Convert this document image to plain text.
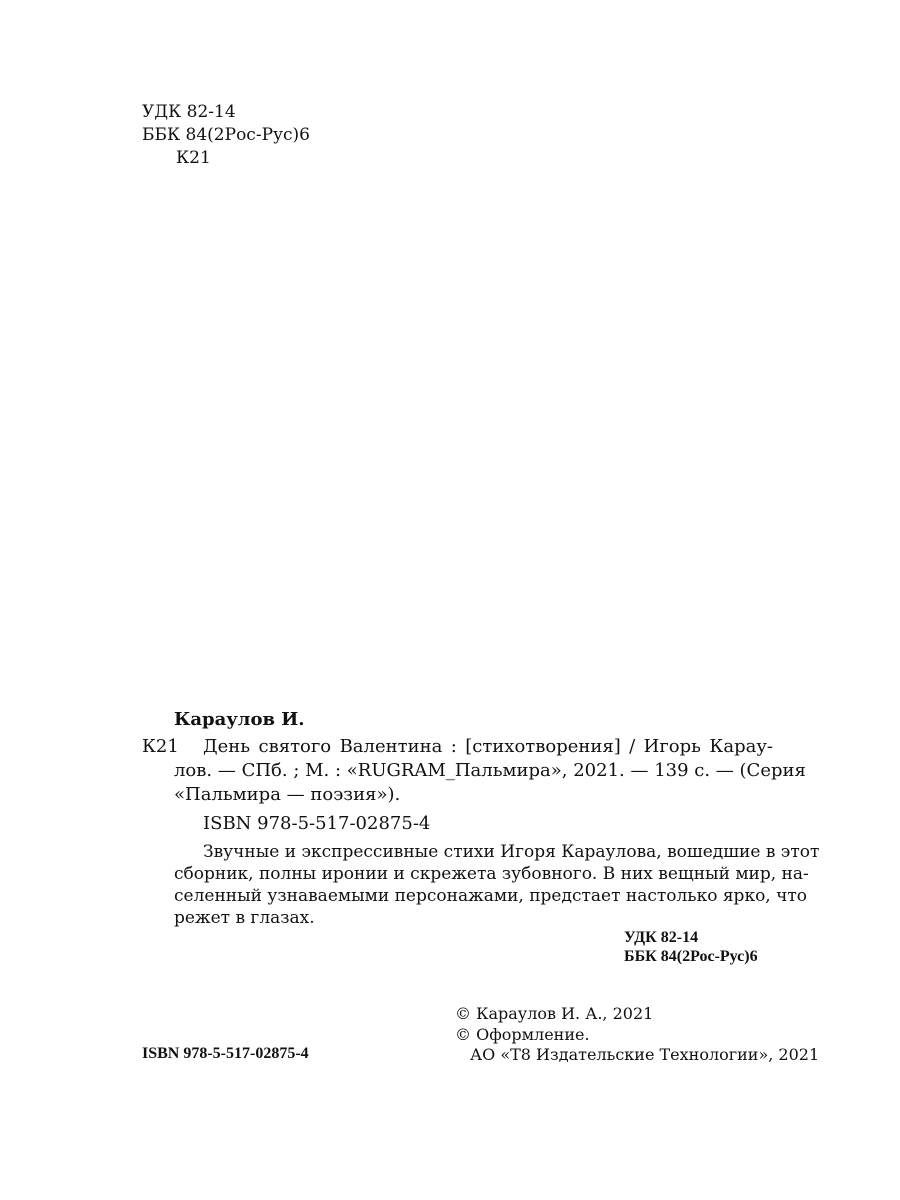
УДК 82-14
ББК 84(2Рос-Рус)6
К21
Караулов И.
К21 День святого Валентина : [стихотворения] / Игорь Карау-
лов. — СПб. ; М. : «RUGRAM_Пальмира», 2021. — 139 с. — (Серия
«Пальмира — поэзия»).
ISBN 978-5-517-02875-4
Звучные и экспрессивные стихи Игоря Караулова, вошедшие в этот
сборник, полны иронии и скрежета зубовного. В них вещный мир, на-
селенный узнаваемыми персонажами, предстает настолько ярко, что
режет в глазах.
УДК 82-14
ББК 84(2Рос-Рус)6
ISBN 978-5-517-02875-4
© Караулов И. А., 2021
© Оформление.
АО «Т8 Издательские Технологии», 2021
